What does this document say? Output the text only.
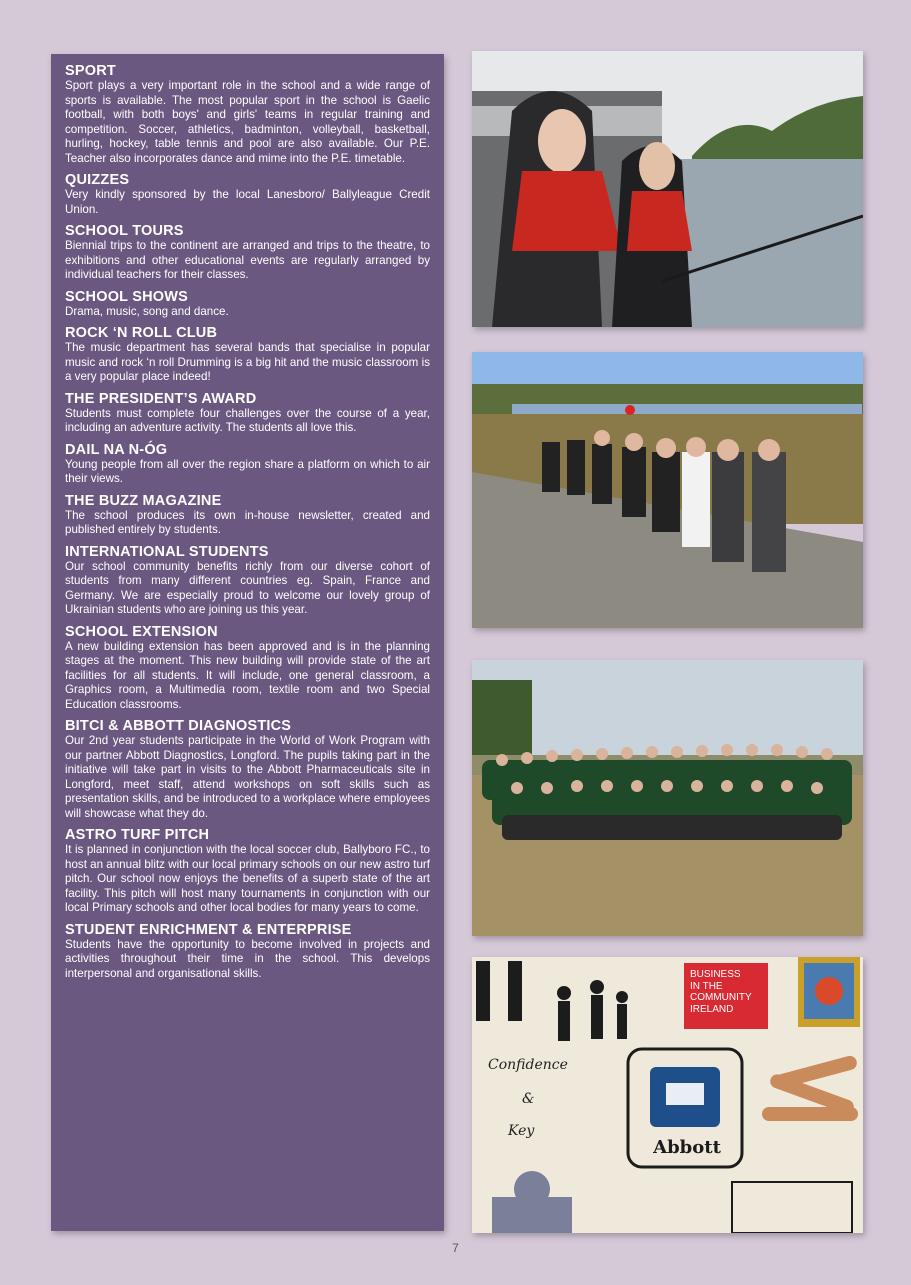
SPORT

Sport plays a very important role in the school and a wide range of sports is available. The most popular sport in the school is Gaelic football, with both boys' and girls' teams in regular training and competition. Soccer, athletics, badminton, volleyball, basketball, hurling, hockey, table tennis and pool are also available. Our P.E. Teacher also incorporates dance and mime into the P.E. timetable.

QUIZZES

Very kindly sponsored by the local Lanesboro/ Ballyleague Credit Union.

SCHOOL TOURS

Biennial trips to the continent are arranged and trips to the theatre, to exhibitions and other educational events are regularly arranged by individual teachers for their classes.

SCHOOL SHOWS

Drama, music, song and dance.

ROCK ‘N ROLL CLUB

The music department has several bands that specialise in popular music and rock ‘n roll Drumming is a big hit and the music classroom is a very popular place indeed!

THE PRESIDENT’S AWARD

Students must complete four challenges over the course of a year, including an adventure activity. The students all love this.

DAIL NA N-ÓG

Young people from all over the region share a platform on which to air their views.

THE BUZZ MAGAZINE

The school produces its own in-house newsletter, created and published entirely by students.

INTERNATIONAL STUDENTS

Our school community benefits richly from our diverse cohort of students from many different countries eg. Spain, France and Germany. We are especially proud to welcome our lovely group of Ukrainian students who are joining us this year.

SCHOOL EXTENSION

A new building extension has been approved and is in the planning stages at the moment. This new building will provide state of the art facilities for all students. It will include, one general classroom, a Graphics room, a Multimedia room, textile room and two Special Education classrooms.

BITCI & ABBOTT DIAGNOSTICS

Our 2nd year students participate in the World of Work Program with our partner Abbott Diagnostics, Longford. The pupils taking part in the initiative will take part in visits to the Abbott Pharmaceuticals site in Longford, meet staff, attend workshops on soft skills such as presentation skills, and be introduced to a workplace where employees will showcase what they do.

ASTRO TURF PITCH

It is planned in conjunction with the local soccer club, Ballyboro FC., to host an annual blitz with our local primary schools on our new astro turf pitch. Our school now enjoys the benefits of a superb state of the art facility. This pitch will host many tournaments in conjunction with our local Primary schools and other local bodies for many years to come.

STUDENT ENRICHMENT & ENTERPRISE

Students have the opportunity to become involved in projects and activities throughout their time in the school. This develops interpersonal and organisational skills.	BUSINESS
IN THE
COMMUNITY
IRELAND
Confidence
&
Key
Abbott
7
